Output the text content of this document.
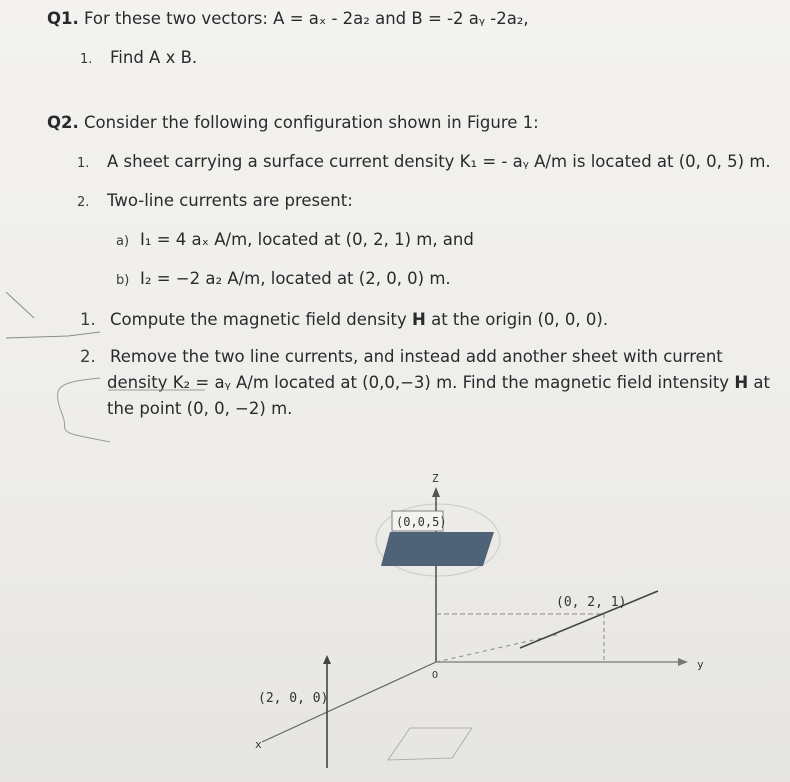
Q1. For these two vectors: A = aₓ - 2a₂ and B = -2 aᵧ -2a₂,
1. Find A x B.
Q2. Consider the following configuration shown in Figure 1:
1. A sheet carrying a surface current density K₁ = - aᵧ A/m is located at (0, 0, 5) m.
2. Two-line currents are present:
a) I₁ = 4 aₓ A/m, located at (0, 2, 1) m, and
b) I₂ = −2 a₂ A/m, located at (2, 0, 0) m.
1. Compute the magnetic field density H at the origin (0, 0, 0).
2. Remove the two line currents, and instead add another sheet with current
density K₂ = aᵧ A/m located at (0,0,−3) m. Find the magnetic field intensity H at
the point (0, 0, −2) m.
Z
(0,0,5)
y
x
O
(0, 2, 1)
(2, 0, 0)
